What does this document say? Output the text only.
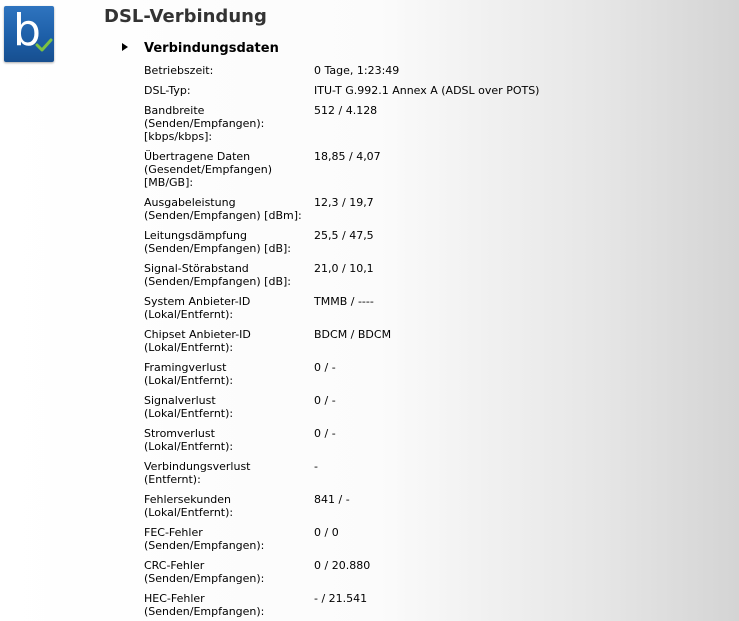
b	DSL-Verbindung
Verbindungsdaten
Betriebszeit:	0 Tage, 1:23:49
DSL-Typ:	ITU-T G.992.1 Annex A (ADSL over POTS)
Bandbreite
(Senden/Empfangen):
[kbps/kbps]:
512 / 4.128
Übertragene Daten
(Gesendet/Empfangen)
[MB/GB]:
18,85 / 4,07
Ausgabeleistung
(Senden/Empfangen) [dBm]:
12,3 / 19,7
Leitungsdämpfung
(Senden/Empfangen) [dB]:
25,5 / 47,5
Signal-Störabstand
(Senden/Empfangen) [dB]:
21,0 / 10,1
System Anbieter-ID
(Lokal/Entfernt):
TMMB / ----
Chipset Anbieter-ID
(Lokal/Entfernt):
BDCM / BDCM
Framingverlust
(Lokal/Entfernt):
0 / -
Signalverlust
(Lokal/Entfernt):
0 / -
Stromverlust
(Lokal/Entfernt):
0 / -
Verbindungsverlust
(Entfernt):
-
Fehlersekunden
(Lokal/Entfernt):
841 / -
FEC-Fehler
(Senden/Empfangen):
0 / 0
CRC-Fehler
(Senden/Empfangen):
0 / 20.880
HEC-Fehler
(Senden/Empfangen):
- / 21.541
